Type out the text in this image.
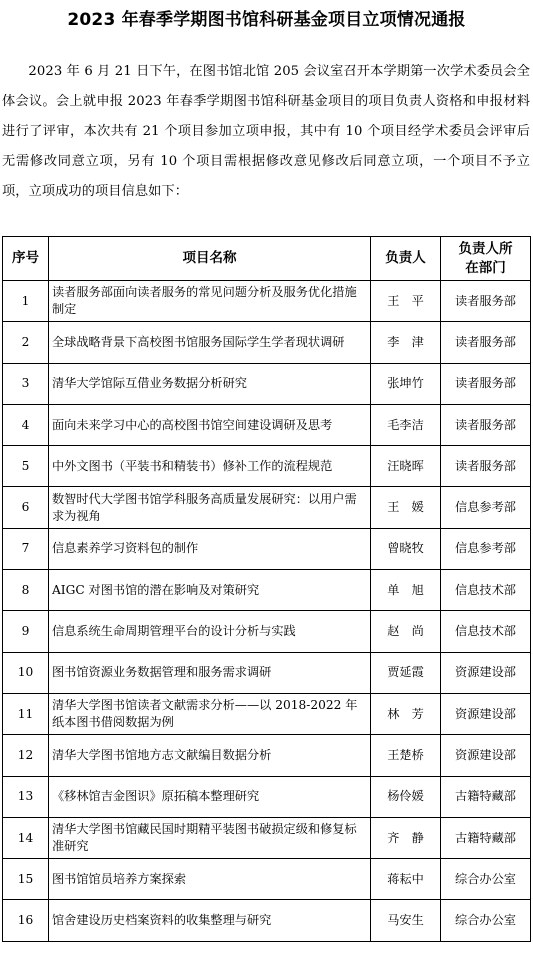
2023 年春季学期图书馆科研基金项目立项情况通报

2023 年 6 月 21 日下午，在图书馆北馆 205 会议室召开本学期第一次学术委员会全体会议。会上就申报 2023 年春季学期图书馆科研基金项目的项目负责人资格和申报材料进行了评审，本次共有 21 个项目参加立项申报，其中有 10 个项目经学术委员会评审后无需修改同意立项，另有 10 个项目需根据修改意见修改后同意立项，一个项目不予立项，立项成功的项目信息如下：

序号	项目名称	负责人	负责人所
在部门
1	读者服务部面向读者服务的常见问题分析及服务优化措施制定	王　平	读者服务部
2	全球战略背景下高校图书馆服务国际学生学者现状调研	李　津	读者服务部
3	清华大学馆际互借业务数据分析研究	张坤竹	读者服务部
4	面向未来学习中心的高校图书馆空间建设调研及思考	毛李洁	读者服务部
5	中外文图书（平装书和精装书）修补工作的流程规范	汪晓晖	读者服务部
6	数智时代大学图书馆学科服务高质量发展研究：以用户需求为视角	王　媛	信息参考部
7	信息素养学习资料包的制作	曾晓牧	信息参考部
8	AIGC 对图书馆的潜在影响及对策研究	单　旭	信息技术部
9	信息系统生命周期管理平台的设计分析与实践	赵　尚	信息技术部
10	图书馆资源业务数据管理和服务需求调研	贾延霞	资源建设部
11	清华大学图书馆读者文献需求分析——以 2018-2022 年纸本图书借阅数据为例	林　芳	资源建设部
12	清华大学图书馆地方志文献编目数据分析	王楚桥	资源建设部
13	《移林馆吉金图识》原拓稿本整理研究	杨伶媛	古籍特藏部
14	清华大学图书馆藏民国时期精平装图书破损定级和修复标准研究	齐　静	古籍特藏部
15	图书馆馆员培养方案探索	蒋耘中	综合办公室
16	馆舍建设历史档案资料的收集整理与研究	马安生	综合办公室
